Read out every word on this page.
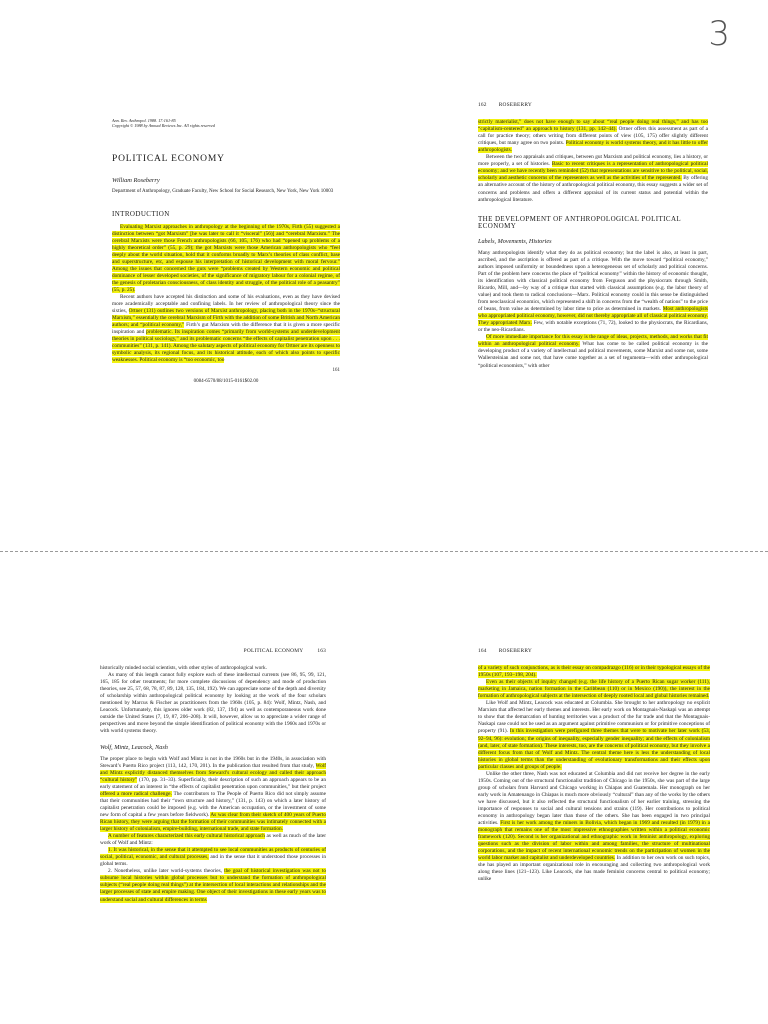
3
Ann. Rev. Anthropol. 1988. 17:161-85
Copyright © 1988 by Annual Reviews Inc. All rights reserved
POLITICAL ECONOMY
William Roseberry
Department of Anthropology, Graduate Faculty, New School for Social Research, New York, New York 10003
INTRODUCTION

Evaluating Marxist approaches in anthropology at the beginning of the 1970s, Firth (55) suggested a distinction between “got Marxism” [he was later to call it “visceral” (56)] and “cerebral Marxism.” The cerebral Marxists were those French anthropologists (66, 105, 176) who had “opened up problems of a highly theoretical order” (55, p. 29); the got Marxists were those American anthropologists who “feel deeply about the world situation, hold that it conforms broadly to Marx’s theories of class conflict, base and superstructure, etc, and espouse his interpretation of historical development with moral fervour.” Among the issues that concerned the guts were “problems created by Western economic and political dominance of lesser developed societies, of the significance of migratory labour for a colonial regime, of the genesis of proletarian consciousness, of class identity and struggle, of the political role of a peasantry” (55, p. 25).

Recent authors have accepted his distinction and some of his evaluations, even as they have devised more academically acceptable and confining labels. In her review of anthropological theory since the sixties, Ortner (131) outlines two versions of Marxist anthropology, placing both in the 1970s–“structural Marxism,” essentially the cerebral Marxism of Firth with the addition of some British and North American authors; and “political economy,” Firth’s gut Marxism with the difference that it is given a more specific inspiration and problematic. Its inspiration comes “primarily from world-systems and underdevelopment theories in political sociology,” and its problematic concerns “the effects of capitalist penetration upon . . . communities” (131, p. 141). Among the salutary aspects of political economy for Ortner are its openness to symbolic analysis, its regional focus, and its historical attitude, each of which also points to specific weaknesses. Political economy is “too economic, too

161
0084-6570/88/1015-0161$02.00
162 ROSEBERRY

strictly materialist,” does not have enough to say about “real people doing real things,” and has too “capitalism-centered” an approach to history (131, pp. 142–44). Ortner offers this assessment as part of a call for practice theory; others writing from different points of view (105, 175) offer slightly different critiques, but many agree on two points. Political economy is world systems theory, and it has little to offer anthropologists.

Between the two appraisals and critiques, between gut Marxism and political economy, lies a history, or more properly, a set of histories. Basic to recent critiques is a representation of anthropological political economy; and we have recently been reminded (52) that representations are sensitive to the political, social, scholarly and aesthetic concerns of the representers as well as the activities of the represented. By offering an alternative account of the history of anthropological political economy, this essay suggests a wider set of concerns and problems and offers a different appraisal of its current status and potential within the anthropological literature.

THE DEVELOPMENT OF ANTHROPOLOGICAL POLITICAL ECONOMY
Labels, Movements, Histories

Many anthropologists identify what they do as political economy; but the label is also, at least in part, ascribed, and the ascription is offered as part of a critique. With the move toward “political economy,” authors imposed uniformity or boundedness upon a heterogeneous set of scholarly and political concerns. Part of the problem here concerns the place of “political economy” within the history of economic thought, its identification with classical political economy from Ferguson and the physiocrats through Smith, Ricardo, Mill, and—by way of a critique that started with classical assumptions (e.g. the labor theory of value) and took them to radical conclusions—Marx. Political economy could in this sense be distinguished from neoclassical economics, which represented a shift in concerns from the “wealth of nations” to the price of beans, from value as determined by labor time to price as determined in markets. Most anthropologists who appropriated political economy, however, did not thereby appropriate all of classical political economy. They appropriated Marx. Few, with notable exceptions (71, 72), looked to the physiocrats, the Ricardians, or the neo-Ricardians.

Of more immediate importance for this essay is the range of ideas, projects, methods, and works that fit within an anthropological political economy. What has come to be called political economy is the developing product of a variety of intellectual and political movements, some Marxist and some not, some Wallersteinian and some not, that have come together as a set of tegumenta—with other anthropological “political economists,” with other

POLITICAL ECONOMY	163

historically minded social scientists, with other styles of anthropological work.

As many of this length cannot fully explore each of these intellectual currents (see 86, 95, 99, 121, 165, 185 for other treatments; for more complete discussions of dependency and mode of production theories, see 25, 57, 68, 78, 87, 89, 128, 135, 184, 192). We can appreciate some of the depth and diversity of scholarship within anthropological political economy by looking at the work of the four scholars mentioned by Marcus & Fischer as practitioners from the 1960s (105, p. 84): Wolf, Mintz, Nash, and Leacock. Unfortunately, this ignores older work (82, 137, 194) as well as contemporaneous work done outside the United States (7, 19, 87, 206–208). It will, however, allow us to appreciate a wider range of perspectives and move beyond the simple identification of political economy with the 1960s and 1970s or with world systems theory.

Wolf, Mintz, Leacock, Nash

The proper place to begin with Wolf and Mintz is not in the 1960s but in the 1940s, in association with Steward’s Puerto Rico project (113, 142, 170, 201). In the publication that resulted from that study, Wolf and Mintz explicitly distanced themselves from Steward’s cultural ecology and called their approach “cultural history” (170, pp. 31–33). Superficially, their description of such an approach appears to be an early statement of an interest in “the effects of capitalist penetration upon communities,” but their project offered a more radical challenge. The contributors to The People of Puerto Rico did not simply assume that their communities had their “own structure and history,” (131, p. 143) on which a later history of capitalist penetration could be imposed (e.g. with the American occupation, or the investment of some new form of capital a few years before fieldwork). As was clear from their sketch of 400 years of Puerto Rican history, they were arguing that the formation of their communities was intimately connected with a larger history of colonialism, empire-building, international trade, and state formation.

A number of features characterized this early cultural historical approach as well as much of the later work of Wolf and Mintz:

1. It was historical, in the sense that it attempted to see local communities as products of centuries of social, political, economic, and cultural processes, and in the sense that it understood those processes in global terms.

2. Nonetheless, unlike later world-systems theories, the goal of historical investigation was not to subsume local histories within global processes but to understand the formation of anthropological subjects (“real people doing real things”) at the intersection of local interactions and relationships and the larger processes of state and empire making. One object of their investigations in these early years was to understand social and cultural differences in terms

164 ROSEBERRY

of a variety of such conjunctions, as is their essay on compadrazgo (116) or in their typological essays of the 1950s (107, 193–198, 204).

Even as their objects of inquiry changed (e.g. the life history of a Puerto Rican sugar worker (111), marketing in Jamaica, nation formation in the Caribbean (110) or in Mexico (190)), the interest in the formation of anthropological subjects at the intersection of deeply rooted local and global histories remained.

Like Wolf and Mintz, Leacock was educated at Columbia. She brought to her anthropology no explicit Marxism that affected her early themes and interests. Her early work on Montagnais-Naskapi was an attempt to show that the demarcation of hunting territories was a product of the fur trade and that the Montagnais-Naskapi case could not be used as an argument against primitive communism or for primitive conceptions of property (91). In this investigation were prefigured three themes that were to motivate her later work (53, 92–94, 96): evolution; the origins of inequality, especially gender inequality; and the effects of colonialism (and, later, of state formation). These interests, too, are the concerns of political economy, but they involve a different focus from that of Wolf and Mintz. The central theme here is less the understanding of local histories in global terms than the understanding of evolutionary transformations and their effects upon particular classes and groups of people.

Unlike the other three, Nash was not educated at Columbia and did not receive her degree in the early 1950s. Coming out of the structural functionalist tradition of Chicago in the 1950s, she was part of the large group of scholars from Harvard and Chicago working in Chiapas and Guatemala. Her monograph on her early work in Amatenango in Chiapas is much more obviously “cultural” than any of the works by the others we have discussed, but it also reflected the structural functionalism of her earlier training, stressing the importance of responses to social and cultural tensions and strains (119). Her contributions to political economy in anthropology began later than those of the others. She has been engaged in two principal activities. First is her work among the miners in Bolivia, which began in 1969 and resulted (in 1979) in a monograph that remains one of the most impressive ethnographies written within a political economic framework (120). Second is her organizational and ethnographic work in feminist anthropology, exploring questions such as the division of labor within and among families, the structure of multinational corporations, and the impact of recent international economic trends on the participation of women in the world labor market and capitalist and underdeveloped countries. In addition to her own work on such topics, she has played an important organizational role in encouraging and collecting two anthropological work along these lines (121–123). Like Leacock, she has made feminist concerns central to political economy; unlike
